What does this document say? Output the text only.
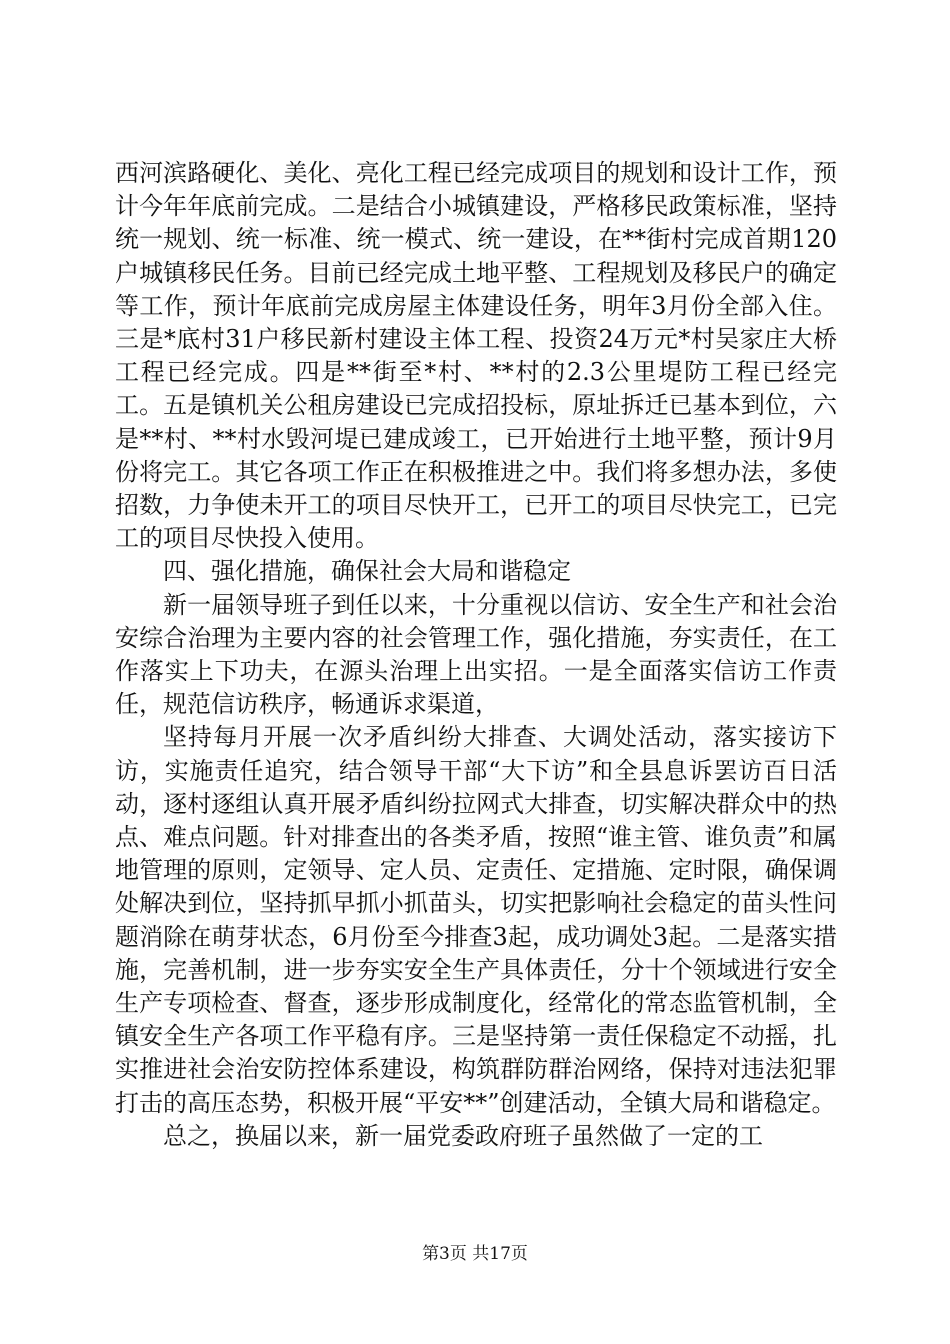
西河滨路硬化、美化、亮化工程已经完成项目的规划和设计工作，预计今年年底前完成。二是结合小城镇建设，严格移民政策标准，坚持统一规划、统一标准、统一模式、统一建设，在**街村完成首期120户城镇移民任务。目前已经完成土地平整、工程规划及移民户的确定等工作，预计年底前完成房屋主体建设任务，明年3月份全部入住。三是*底村31户移民新村建设主体工程、投资24万元*村吴家庄大桥工程已经完成。四是**街至*村、**村的2.3公里堤防工程已经完工。五是镇机关公租房建设已完成招投标，原址拆迁已基本到位，六是**村、**村水毁河堤已建成竣工，已开始进行土地平整，预计9月份将完工。其它各项工作正在积极推进之中。我们将多想办法，多使招数，力争使未开工的项目尽快开工，已开工的项目尽快完工，已完工的项目尽快投入使用。

四、强化措施，确保社会大局和谐稳定

新一届领导班子到任以来，十分重视以信访、安全生产和社会治安综合治理为主要内容的社会管理工作，强化措施，夯实责任，在工作落实上下功夫，在源头治理上出实招。一是全面落实信访工作责任，规范信访秩序，畅通诉求渠道，

坚持每月开展一次矛盾纠纷大排查、大调处活动，落实接访下访，实施责任追究，结合领导干部“大下访”和全县息诉罢访百日活动，逐村逐组认真开展矛盾纠纷拉网式大排查，切实解决群众中的热点、难点问题。针对排查出的各类矛盾，按照“谁主管、谁负责”和属地管理的原则，定领导、定人员、定责任、定措施、定时限，确保调处解决到位，坚持抓早抓小抓苗头，切实把影响社会稳定的苗头性问题消除在萌芽状态，6月份至今排查3起，成功调处3起。二是落实措施，完善机制，进一步夯实安全生产具体责任，分十个领域进行安全生产专项检查、督查，逐步形成制度化，经常化的常态监管机制，全镇安全生产各项工作平稳有序。三是坚持第一责任保稳定不动摇，扎实推进社会治安防控体系建设，构筑群防群治网络，保持对违法犯罪打击的高压态势，积极开展“平安**”创建活动，全镇大局和谐稳定。

总之，换届以来，新一届党委政府班子虽然做了一定的工

第3页 共17页
